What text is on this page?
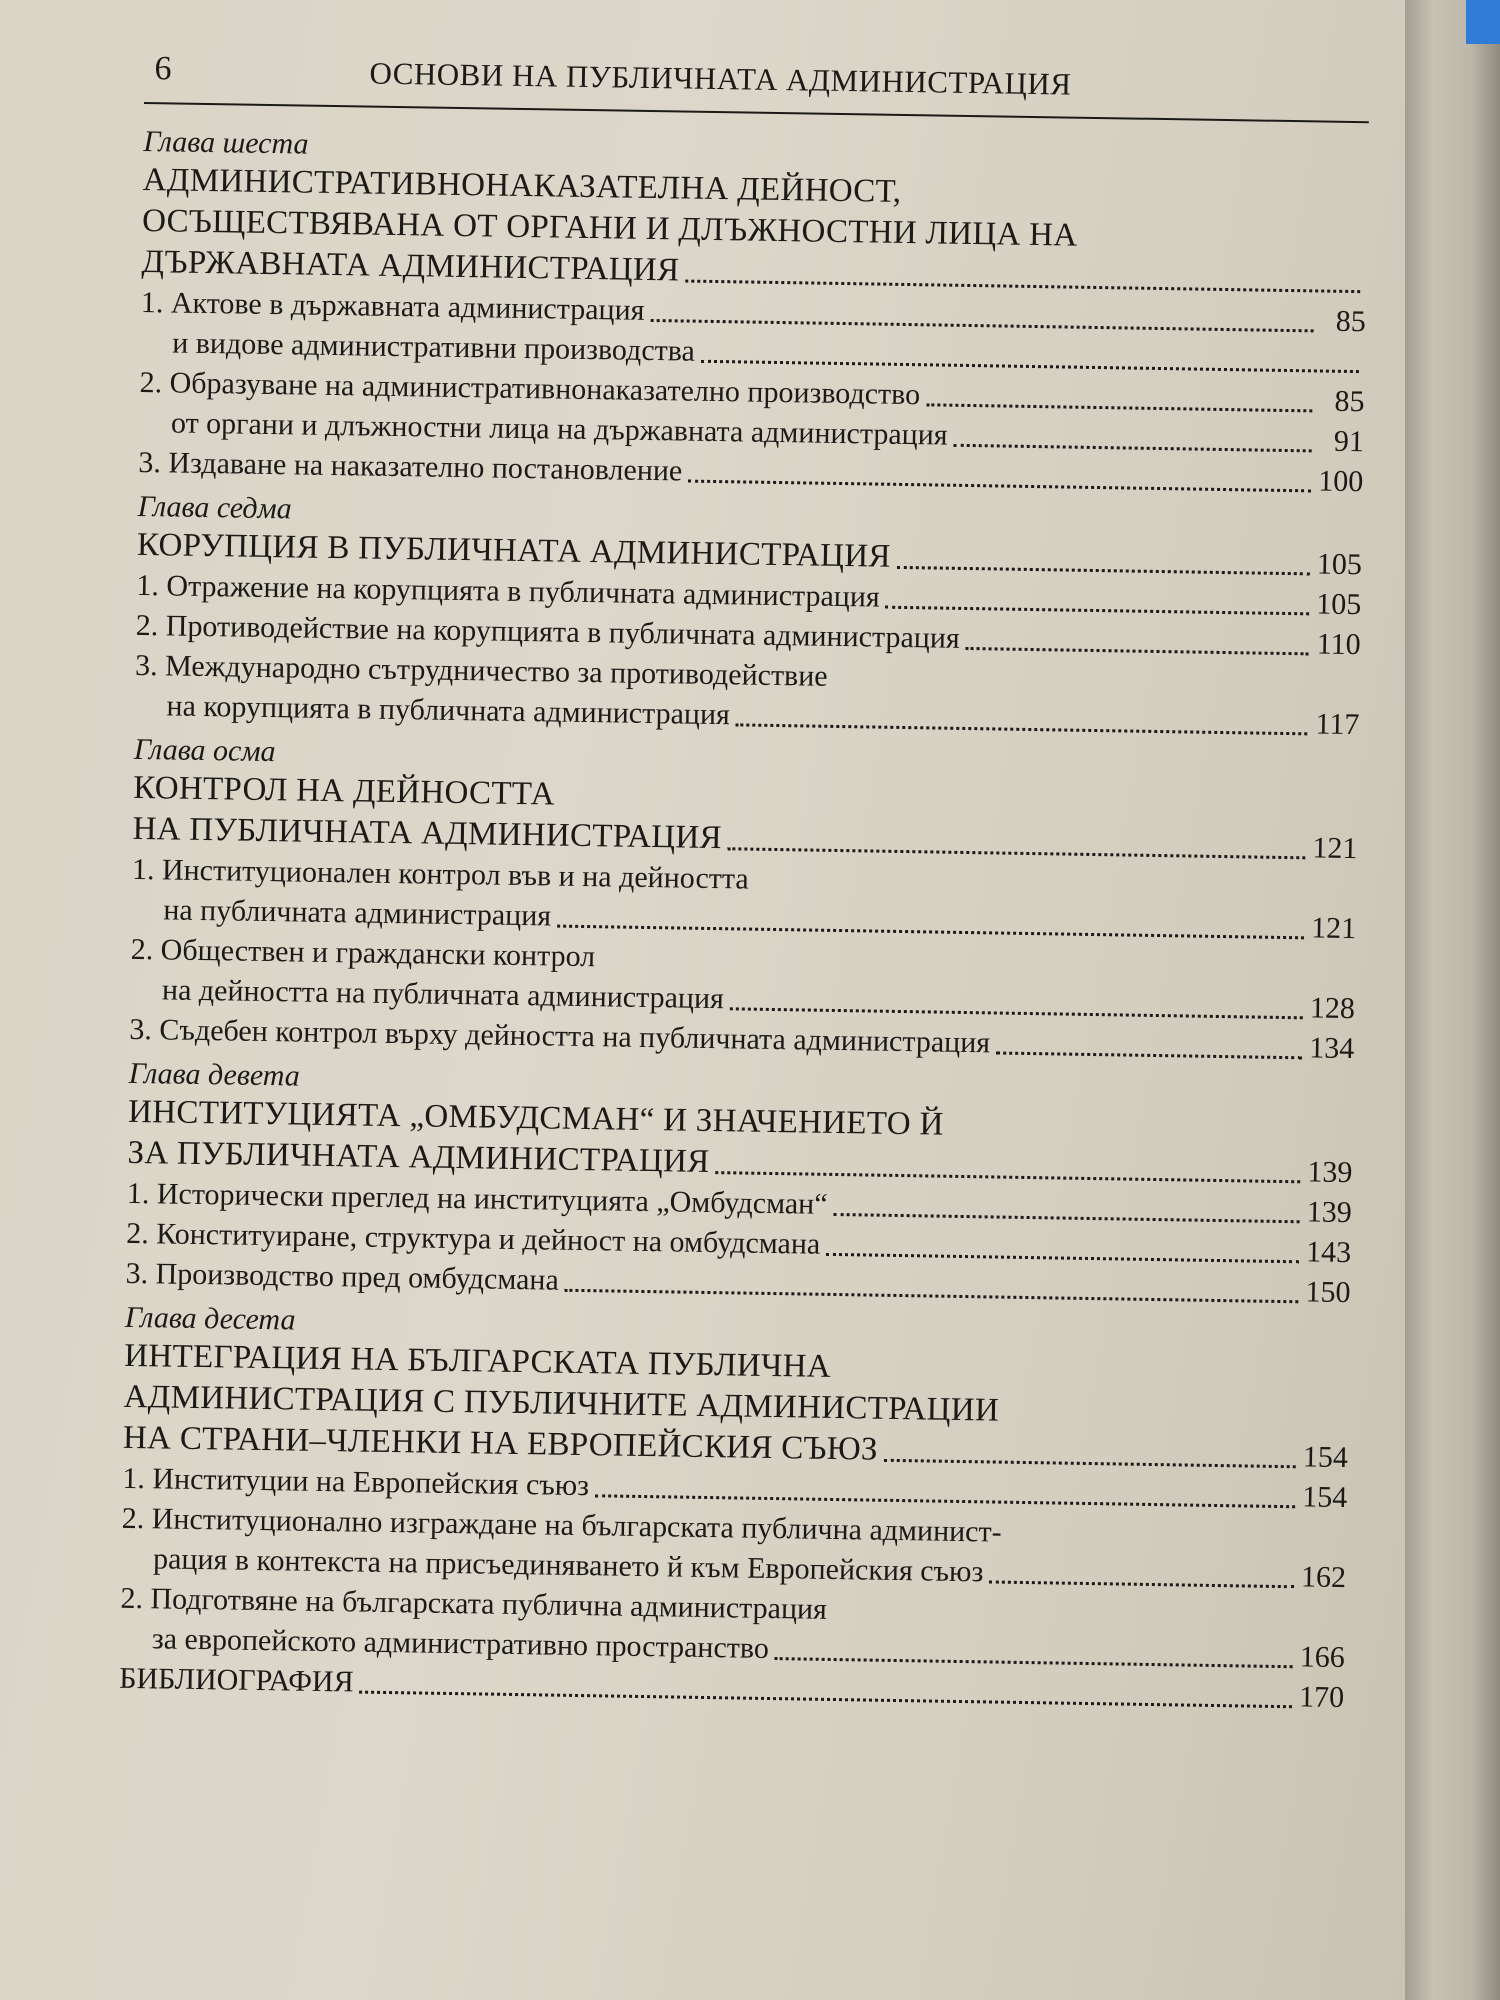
6	ОСНОВИ НА ПУБЛИЧНАТА АДМИНИСТРАЦИЯ
Глава шеста
АДМИНИСТРАТИВНОНАКАЗАТЕЛНА ДЕЙНОСТ,
ОСЪЩЕСТВЯВАНА ОТ ОРГАНИ И ДЛЪЖНОСТНИ ЛИЦА НА
ДЪРЖАВНАТА АДМИНИСТРАЦИЯ
1. Актове в държавната администрация	85
и видове административни производства
2. Образуване на административнонаказателно производство	85
от органи и длъжностни лица на държавната администрация	91
3. Издаване на наказателно постановление	100
Глава седма
КОРУПЦИЯ В ПУБЛИЧНАТА АДМИНИСТРАЦИЯ	105
1. Отражение на корупцията в публичната администрация	105
2. Противодействие на корупцията в публичната администрация	110
3. Международно сътрудничество за противодействие
на корупцията в публичната администрация	117
Глава осма
КОНТРОЛ НА ДЕЙНОСТТА
НА ПУБЛИЧНАТА АДМИНИСТРАЦИЯ	121
1. Институционален контрол във и на дейността
на публичната администрация	121
2. Обществен и граждански контрол
на дейността на публичната администрация	128
3. Съдебен контрол върху дейността на публичната администрация	134
Глава девета
ИНСТИТУЦИЯТА „ОМБУДСМАН“ И ЗНАЧЕНИЕТО Й
ЗА ПУБЛИЧНАТА АДМИНИСТРАЦИЯ	139
1. Исторически преглед на институцията „Омбудсман“	139
2. Конституиране, структура и дейност на омбудсмана	143
3. Производство пред омбудсмана	150
Глава десета
ИНТЕГРАЦИЯ НА БЪЛГАРСКАТА ПУБЛИЧНА
АДМИНИСТРАЦИЯ С ПУБЛИЧНИТЕ АДМИНИСТРАЦИИ
НА СТРАНИ–ЧЛЕНКИ НА ЕВРОПЕЙСКИЯ СЪЮЗ	154
1. Институции на Европейския съюз	154
2. Институционално изграждане на българската публична админист-
рация в контекста на присъединяването й към Европейския съюз	162
2. Подготвяне на българската публична администрация
за европейското административно пространство	166
БИБЛИОГРАФИЯ	170
